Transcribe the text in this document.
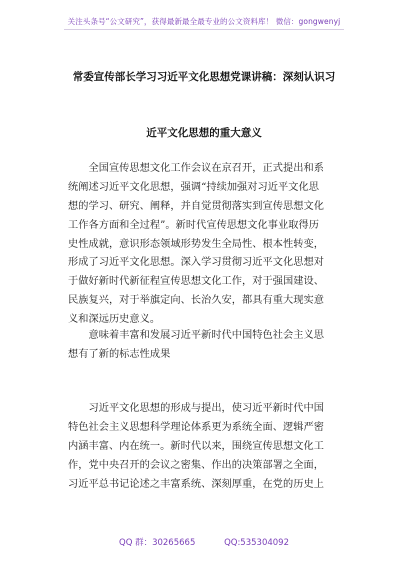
关注头条号“公文研究”，获得最新最全最专业的公文资料库！ 微信：gongwenyj
常委宣传部长学习习近平文化思想党课讲稿：深刻认识习
近平文化思想的重大意义
　　全国宣传思想文化工作会议在京召开，正式提出和系
统阐述习近平文化思想，强调“持续加强对习近平文化思
想的学习、研究、阐释，并自觉贯彻落实到宣传思想文化
工作各方面和全过程”。新时代宣传思想文化事业取得历
史性成就，意识形态领域形势发生全局性、根本性转变，
形成了习近平文化思想。深入学习贯彻习近平文化思想对
于做好新时代新征程宣传思想文化工作，对于强国建设、
民族复兴，对于举旗定向、长治久安，都具有重大现实意
义和深远历史意义。
　　意味着丰富和发展习近平新时代中国特色社会主义思
想有了新的标志性成果
　　习近平文化思想的形成与提出，使习近平新时代中国
特色社会主义思想科学理论体系更为系统全面、逻辑严密
内涵丰富、内在统一。新时代以来，围绕宣传思想文化工
作，党中央召开的会议之密集、作出的决策部署之全面，
习近平总书记论述之丰富系统、深刻厚重，在党的历史上
QQ 群：30265665	QQ:535304092
